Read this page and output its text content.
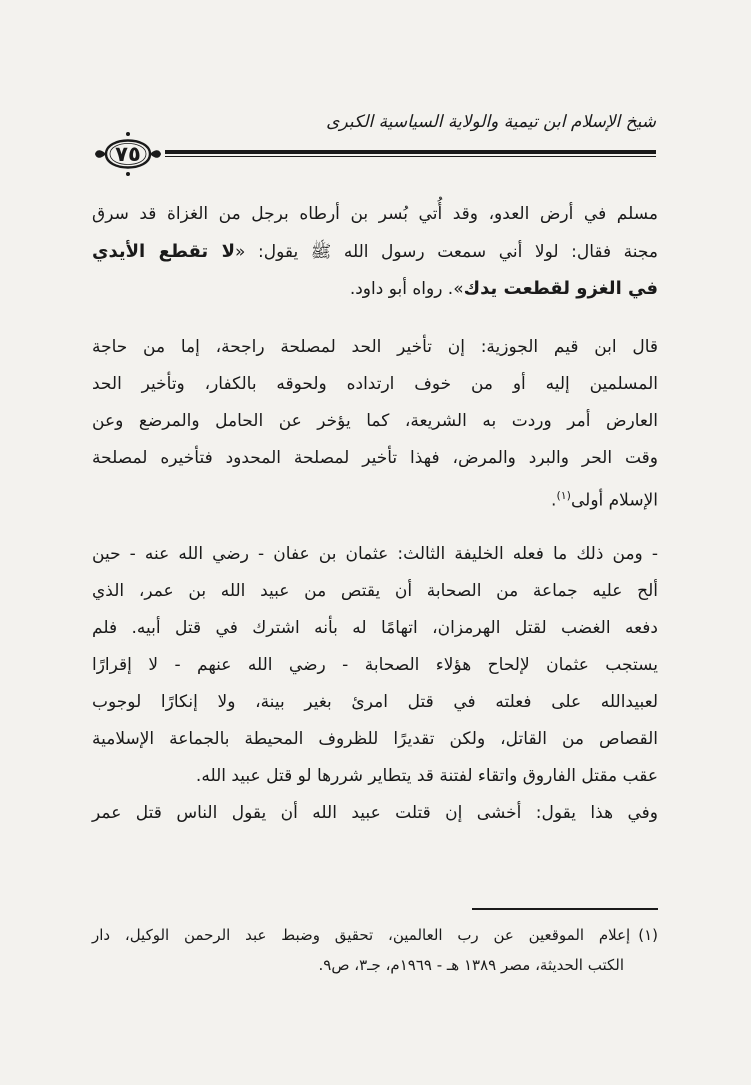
شيخ الإسلام ابن تيمية والولاية السياسية الكبرى
٧٥
مسلم في أرض العدو، وقد أُتي بُسر بن أرطاه برجل من الغزاة قد سرق
مجنة فقال: لولا أني سمعت رسول الله ﷺ يقول: «لا تقطع الأيدي
في الغزو لقطعت يدك». رواه أبو داود.
قال ابن قيم الجوزية: إن تأخير الحد لمصلحة راجحة، إما من حاجة
المسلمين إليه أو من خوف ارتداده ولحوقه بالكفار، وتأخير الحد
العارض أمر وردت به الشريعة، كما يؤخر عن الحامل والمرضع وعن
وقت الحر والبرد والمرض، فهذا تأخير لمصلحة المحدود فتأخيره لمصلحة
الإسلام أولى$^{(١)}$.
- ومن ذلك ما فعله الخليفة الثالث: عثمان بن عفان - رضي الله عنه - حين
ألح عليه جماعة من الصحابة أن يقتص من عبيد الله بن عمر، الذي
دفعه الغضب لقتل الهرمزان، اتهامًا له بأنه اشترك في قتل أبيه. فلم
يستجب عثمان لإلحاح هؤلاء الصحابة - رضي الله عنهم - لا إقرارًا
لعبيدالله على فعلته في قتل امرئ بغير بينة، ولا إنكارًا لوجوب
القصاص من القاتل، ولكن تقديرًا للظروف المحيطة بالجماعة الإسلامية
عقب مقتل الفاروق واتقاء لفتنة قد يتطاير شررها لو قتل عبيد الله.
وفي هذا يقول: أخشى إن قتلت عبيد الله أن يقول الناس قتل عمر
(١)إعلام الموقعين عن رب العالمين، تحقيق وضبط عبد الرحمن الوكيل، دار
الكتب الحديثة، مصر ١٣٨٩ هـ - ١٩٦٩م، جـ٣، ص٩.
